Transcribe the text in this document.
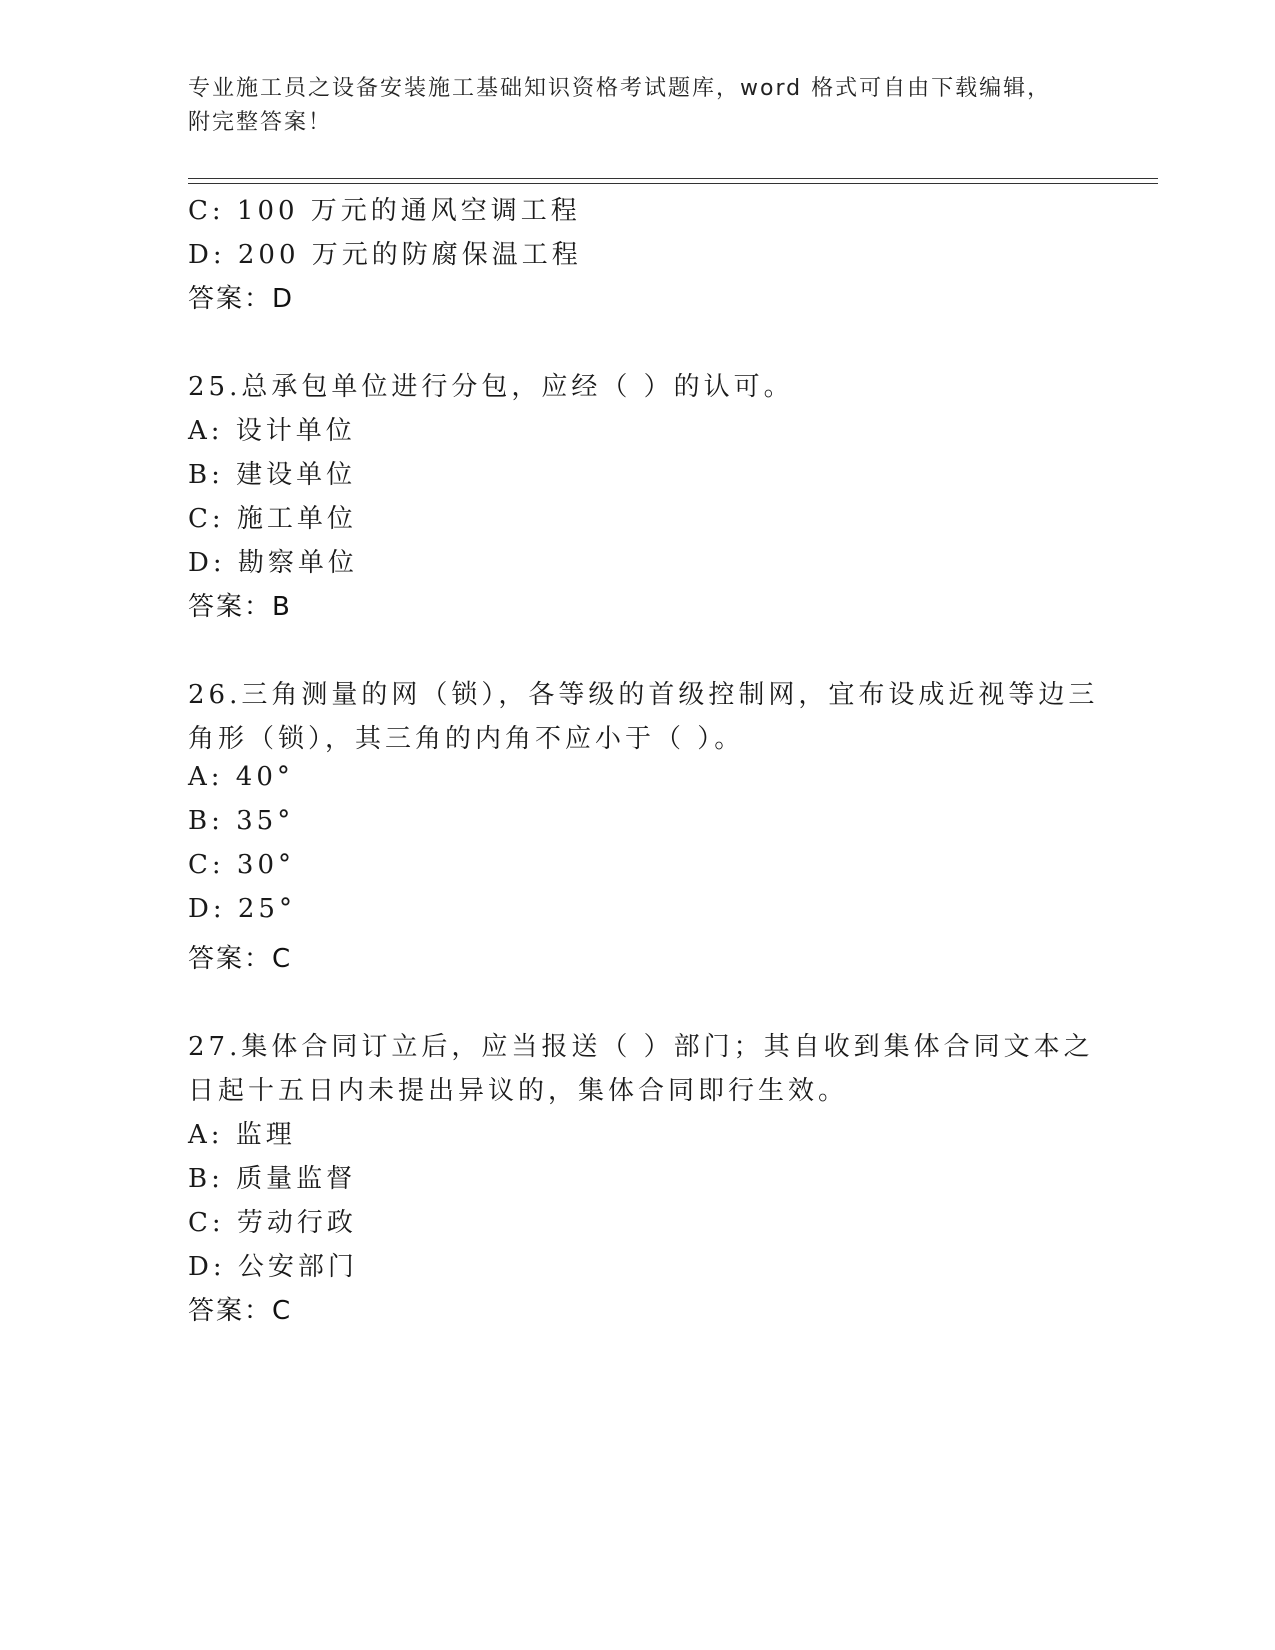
专业施工员之设备安装施工基础知识资格考试题库，word 格式可自由下载编辑，
附完整答案！
C: 100 万元的通风空调工程
D: 200 万元的防腐保温工程
答案：D
25.总承包单位进行分包，应经（ ）的认可。
A: 设计单位
B: 建设单位
C: 施工单位
D: 勘察单位
答案：B
26.三角测量的网（锁），各等级的首级控制网，宜布设成近视等边三
角形（锁），其三角的内角不应小于（ ）。
A: 40°
B: 35°
C: 30°
D: 25°
答案：C
27.集体合同订立后，应当报送（ ）部门；其自收到集体合同文本之
日起十五日内未提出异议的，集体合同即行生效。
A: 监理
B: 质量监督
C: 劳动行政
D: 公安部门
答案：C
